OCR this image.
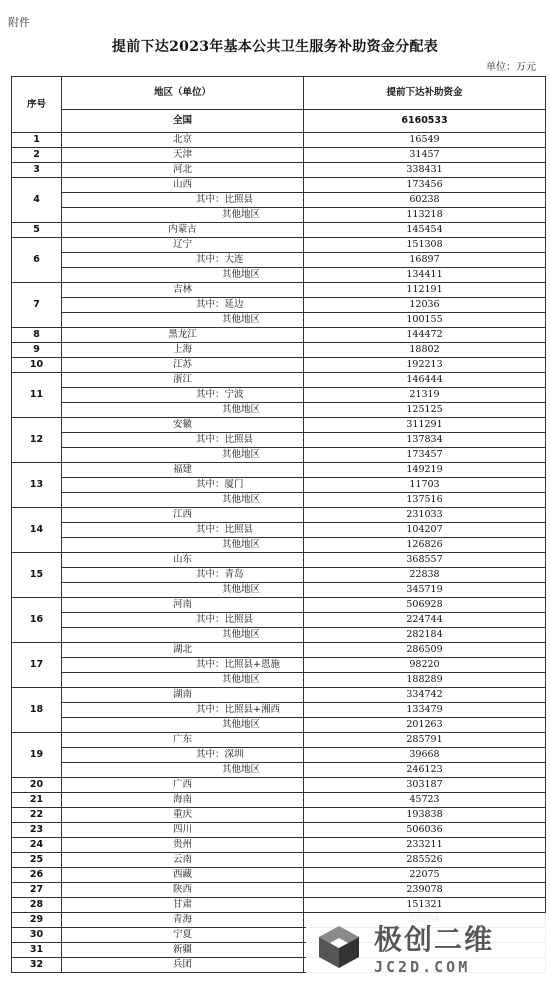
附件
提前下达2023年基本公共卫生服务补助资金分配表
单位：万元
序号	地区（单位）	提前下达补助资金
	全国	6160533
1	北京	16549
2	天津	31457
3	河北	338431
4	山西	173456
	其中：比照县	60238
	其他地区	113218
5	内蒙古	145454
6	辽宁	151308
	其中：大连	16897
	其他地区	134411
7	吉林	112191
	其中：延边	12036
	其他地区	100155
8	黑龙江	144472
9	上海	18802
10	江苏	192213
11	浙江	146444
	其中：宁波	21319
	其他地区	125125
12	安徽	311291
	其中：比照县	137834
	其他地区	173457
13	福建	149219
	其中：厦门	11703
	其他地区	137516
14	江西	231033
	其中：比照县	104207
	其他地区	126826
15	山东	368557
	其中：青岛	22838
	其他地区	345719
16	河南	506928
	其中：比照县	224744
	其他地区	282184
17	湖北	286509
	其中：比照县+恩施	98220
	其他地区	188289
18	湖南	334742
	其中：比照县+湘西	133479
	其他地区	201263
19	广东	285791
	其中：深圳	39668
	其他地区	246123
20	广西	303187
21	海南	45723
22	重庆	193838
23	四川	506036
24	贵州	233211
25	云南	285526
26	西藏	22075
27	陕西	239078
28	甘肃	151321
29	青海	
30	宁夏	
31	新疆	
32	兵团	
极创二维
JC2D.COM
